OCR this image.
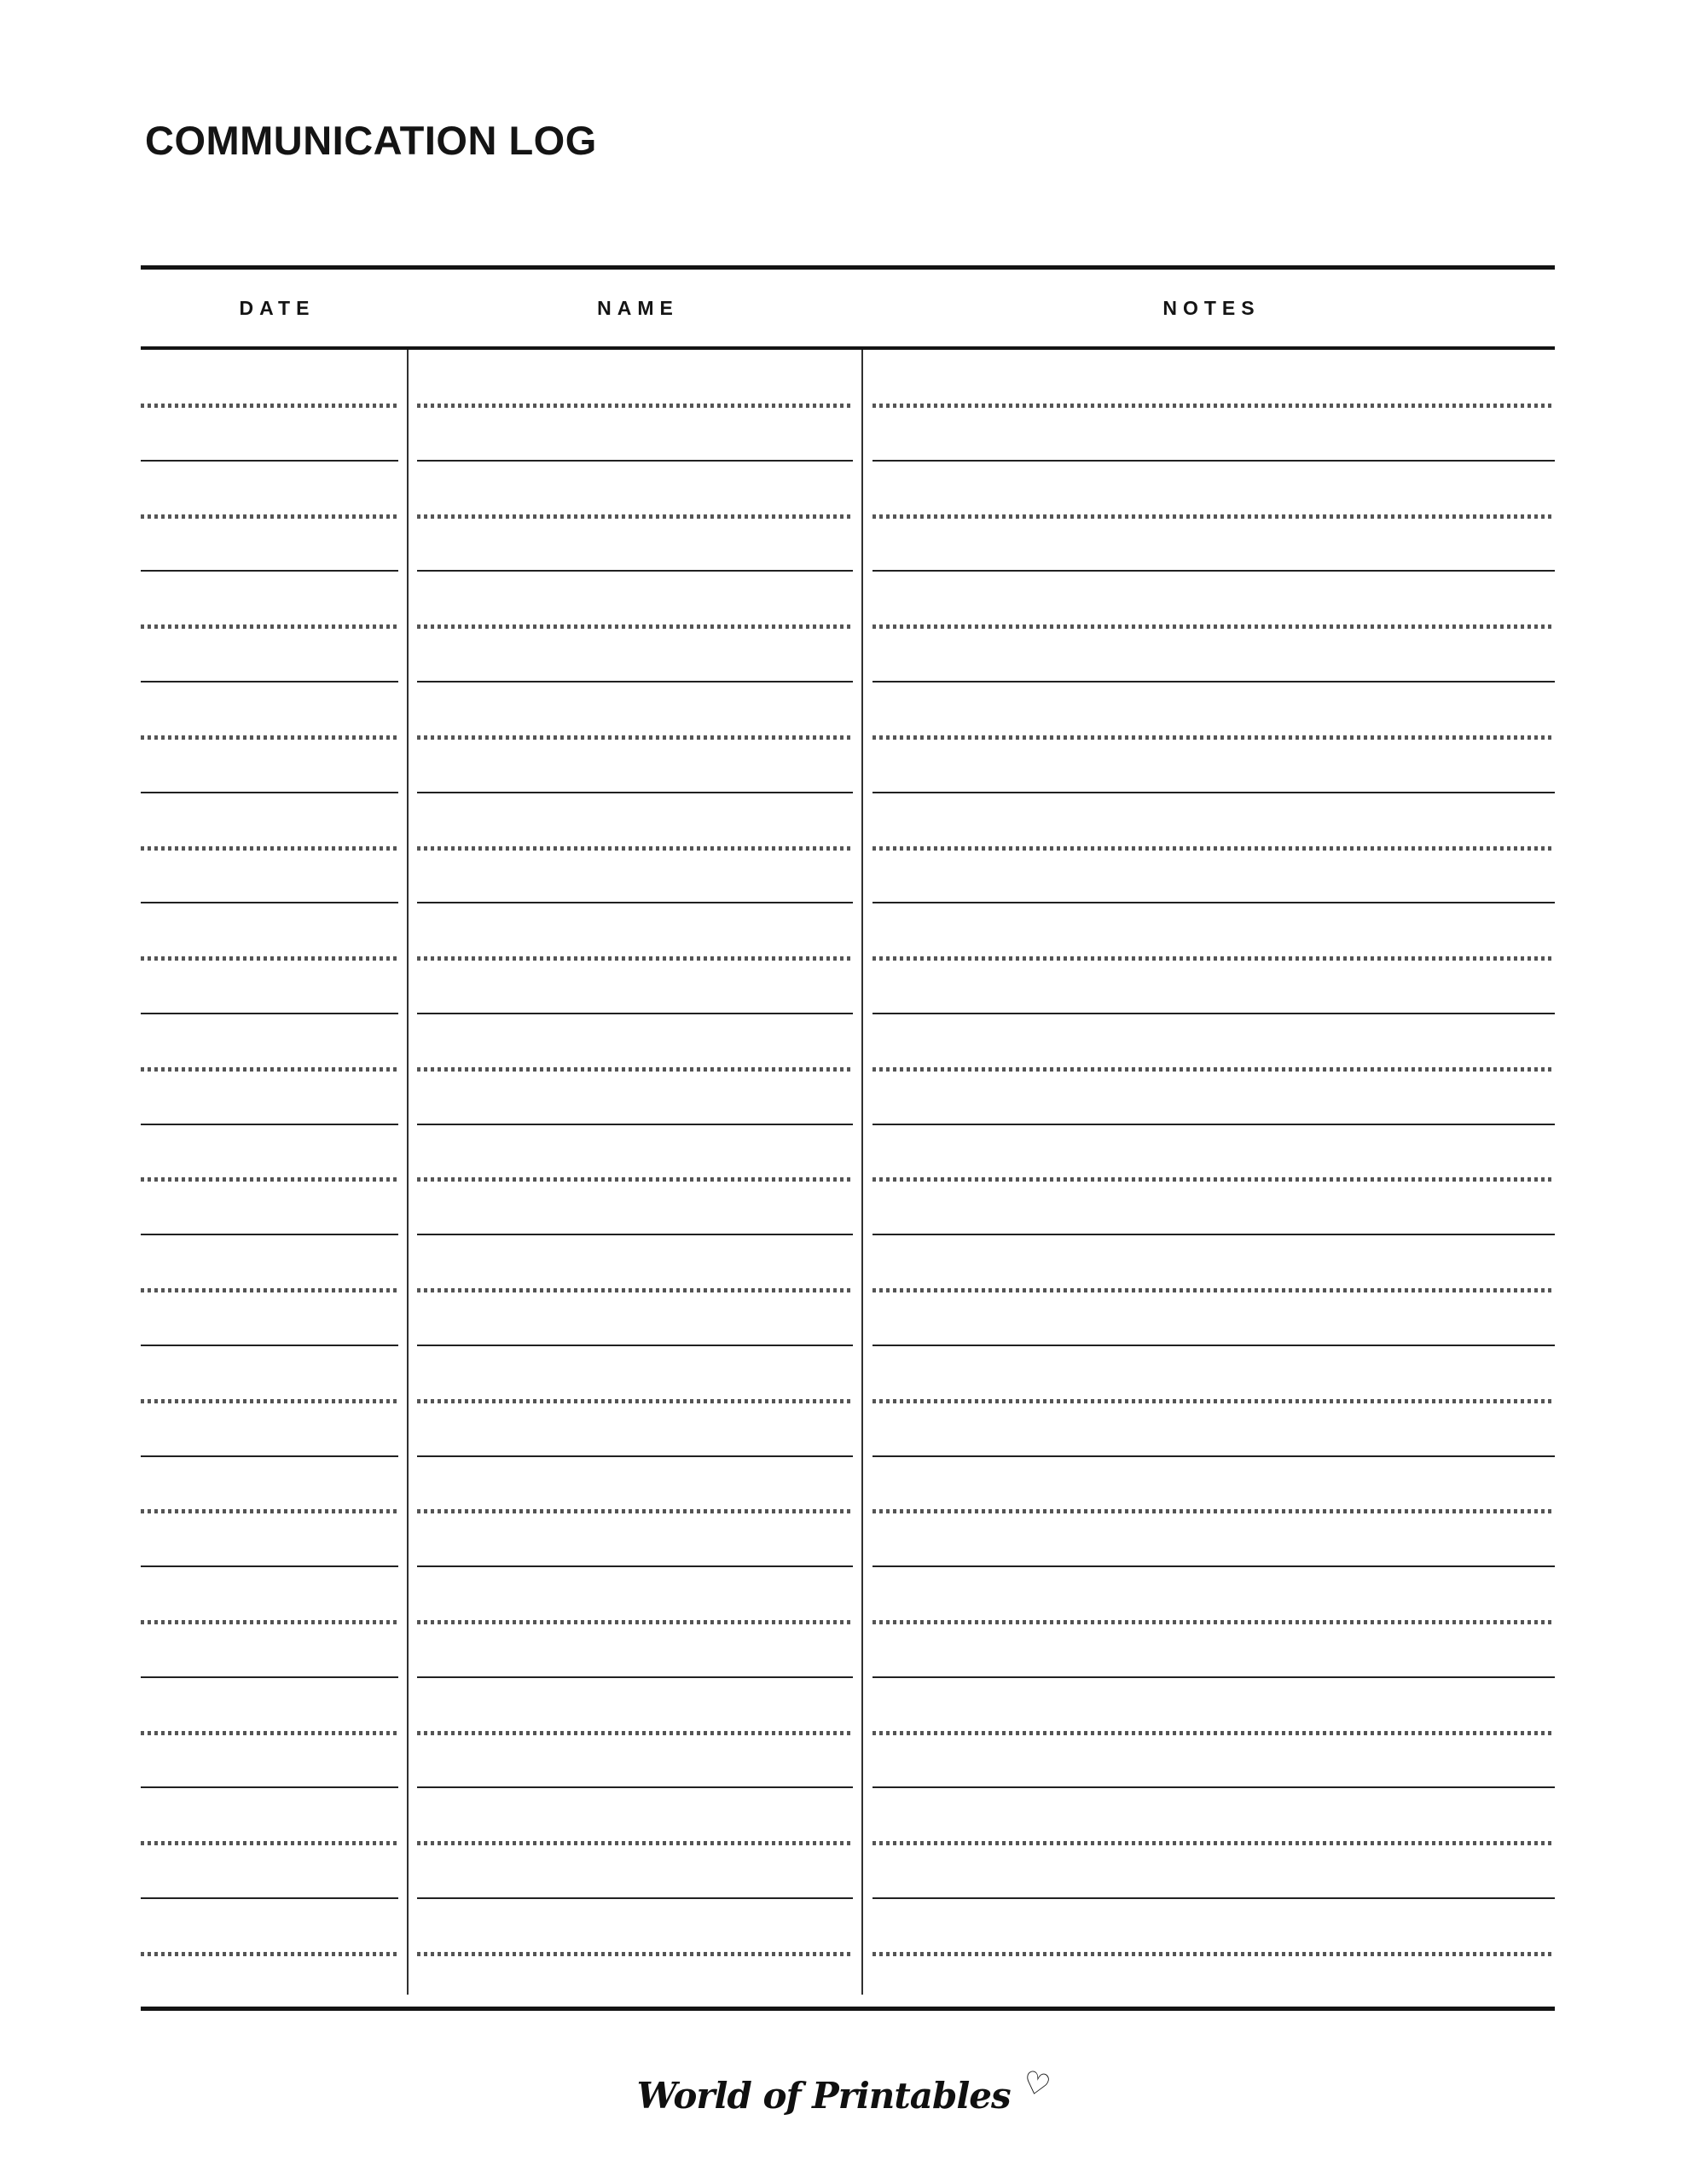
COMMUNICATION LOG
DATE	NAME	NOTES
World of Printables ♡
